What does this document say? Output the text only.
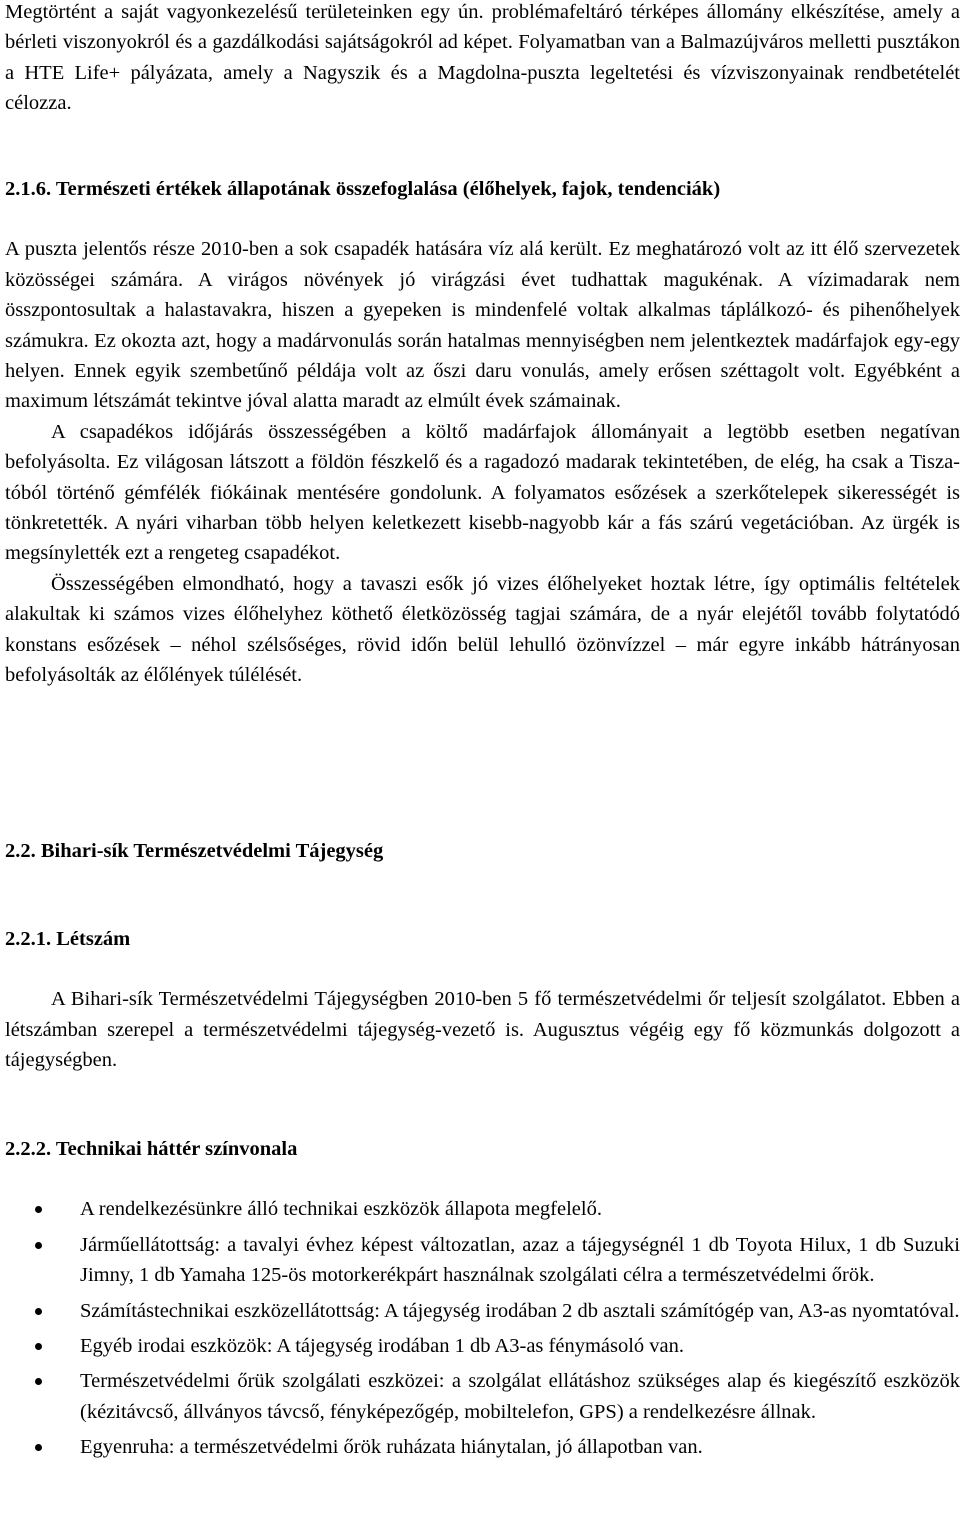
Megtörtént a saját vagyonkezelésű területeinken egy ún. problémafeltáró térképes állomány elkészítése, amely a bérleti viszonyokról és a gazdálkodási sajátságokról ad képet. Folyamatban van a Balmazújváros melletti pusztákon a HTE Life+ pályázata, amely a Nagyszik és a Magdolna-puszta legeltetési és vízviszonyainak rendbetételét célozza.

2.1.6. Természeti értékek állapotának összefoglalása (élőhelyek, fajok, tendenciák)

A puszta jelentős része 2010-ben a sok csapadék hatására víz alá került. Ez meghatározó volt az itt élő szervezetek közösségei számára. A virágos növények jó virágzási évet tudhattak magukénak. A vízimadarak nem összpontosultak a halastavakra, hiszen a gyepeken is mindenfelé voltak alkalmas táplálkozó- és pihenőhelyek számukra. Ez okozta azt, hogy a madárvonulás során hatalmas mennyiségben nem jelentkeztek madárfajok egy-egy helyen. Ennek egyik szembetűnő példája volt az őszi daru vonulás, amely erősen széttagolt volt. Egyébként a maximum létszámát tekintve jóval alatta maradt az elmúlt évek számainak.

A csapadékos időjárás összességében a költő madárfajok állományait a legtöbb esetben negatívan befolyásolta. Ez világosan látszott a földön fészkelő és a ragadozó madarak tekintetében, de elég, ha csak a Tisza-tóból történő gémfélék fiókáinak mentésére gondolunk. A folyamatos esőzések a szerkőtelepek sikerességét is tönkretették. A nyári viharban több helyen keletkezett kisebb-nagyobb kár a fás szárú vegetációban. Az ürgék is megsínylették ezt a rengeteg csapadékot.

Összességében elmondható, hogy a tavaszi esők jó vizes élőhelyeket hoztak létre, így optimális feltételek alakultak ki számos vizes élőhelyhez köthető életközösség tagjai számára, de a nyár elejétől tovább folytatódó konstans esőzések – néhol szélsőséges, rövid időn belül lehulló özönvízzel – már egyre inkább hátrányosan befolyásolták az élőlények túlélését.

2.2. Bihari-sík Természetvédelmi Tájegység

2.2.1. Létszám

A Bihari-sík Természetvédelmi Tájegységben 2010-ben 5 fő természetvédelmi őr teljesít szolgálatot. Ebben a létszámban szerepel a természetvédelmi tájegység-vezető is. Augusztus végéig egy fő közmunkás dolgozott a tájegységben.

2.2.2. Technikai háttér színvonala

A rendelkezésünkre álló technikai eszközök állapota megfelelő.
Járműellátottság: a tavalyi évhez képest változatlan, azaz a tájegységnél 1 db Toyota Hilux, 1 db Suzuki Jimny, 1 db Yamaha 125-ös motorkerékpárt használnak szolgálati célra a természetvédelmi őrök.
Számítástechnikai eszközellátottság: A tájegység irodában 2 db asztali számítógép van, A3-as nyomtatóval.
Egyéb irodai eszközök: A tájegység irodában 1 db A3-as fénymásoló van.
Természetvédelmi őrük szolgálati eszközei: a szolgálat ellátáshoz szükséges alap és kiegészítő eszközök (kézitávcső, állványos távcső, fényképezőgép, mobiltelefon, GPS) a rendelkezésre állnak.
Egyenruha: a természetvédelmi őrök ruházata hiánytalan, jó állapotban van.
